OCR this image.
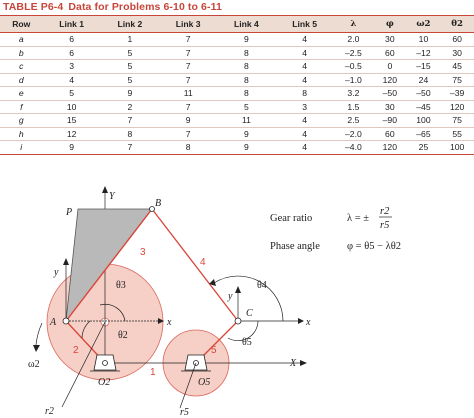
TABLE P6-4 Data for Problems 6-10 to 6-11
Row	Link 1	Link 2	Link 3	Link 4	Link 5	λ	φ	ω2	θ2
a	6	1	7	9	4	2.0	30	10	60
b	6	5	7	8	4	–2.5	60	–12	30
c	3	5	7	8	4	–0.5	0	–15	45
d	4	5	7	8	4	–1.0	120	24	75
e	5	9	11	8	8	3.2	–50	–50	–39
f	10	2	7	5	3	1.5	30	–45	120
g	15	7	9	11	4	2.5	–90	100	75
h	12	8	7	9	4	–2.0	60	–65	55
i	9	7	8	9	4	–4.0	120	25	100
Y
P
B
A
C
y
x
y
x
X
1
2
3
4
5
θ2
θ3	θ4
θ5
ω2
O2	O5
r2	r5
Gear ratio	λ = ±
r2
r5
Phase angle	φ = θ5 − λθ2
